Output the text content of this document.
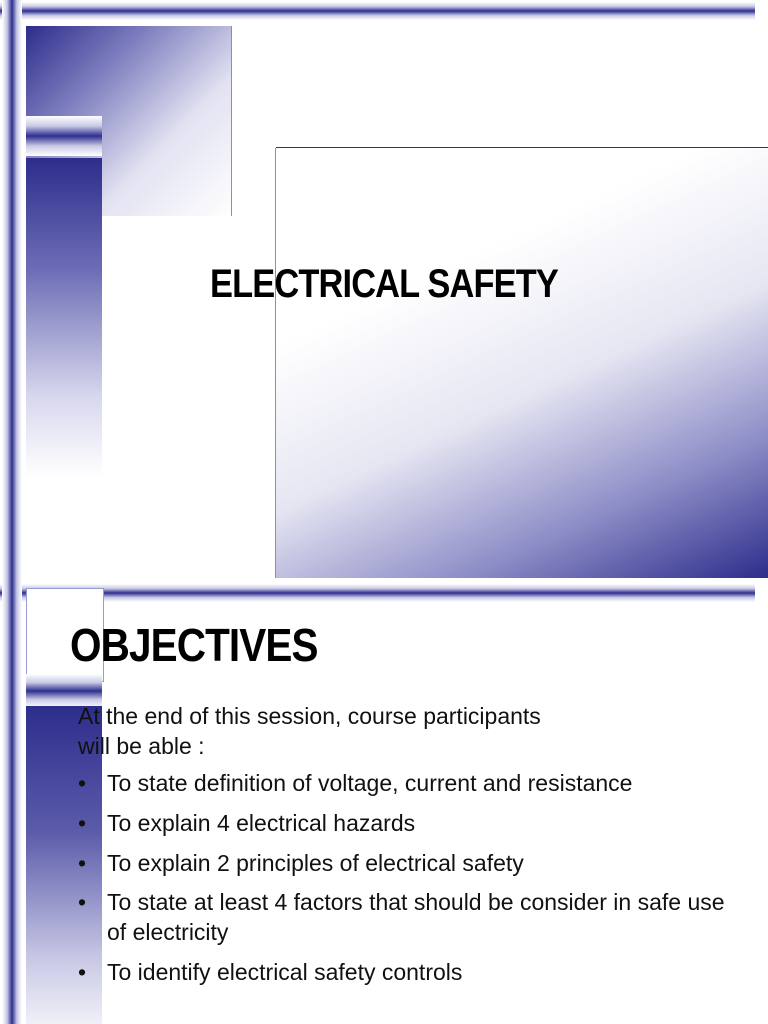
ELECTRICAL SAFETY
OBJECTIVES

At the end of this session, course participants
will be able :

• To state definition of voltage, current and resistance
• To explain 4 electrical hazards
• To explain 2 principles of electrical safety
• To state at least 4 factors that should be consider in safe use of electricity
• To identify electrical safety controls
